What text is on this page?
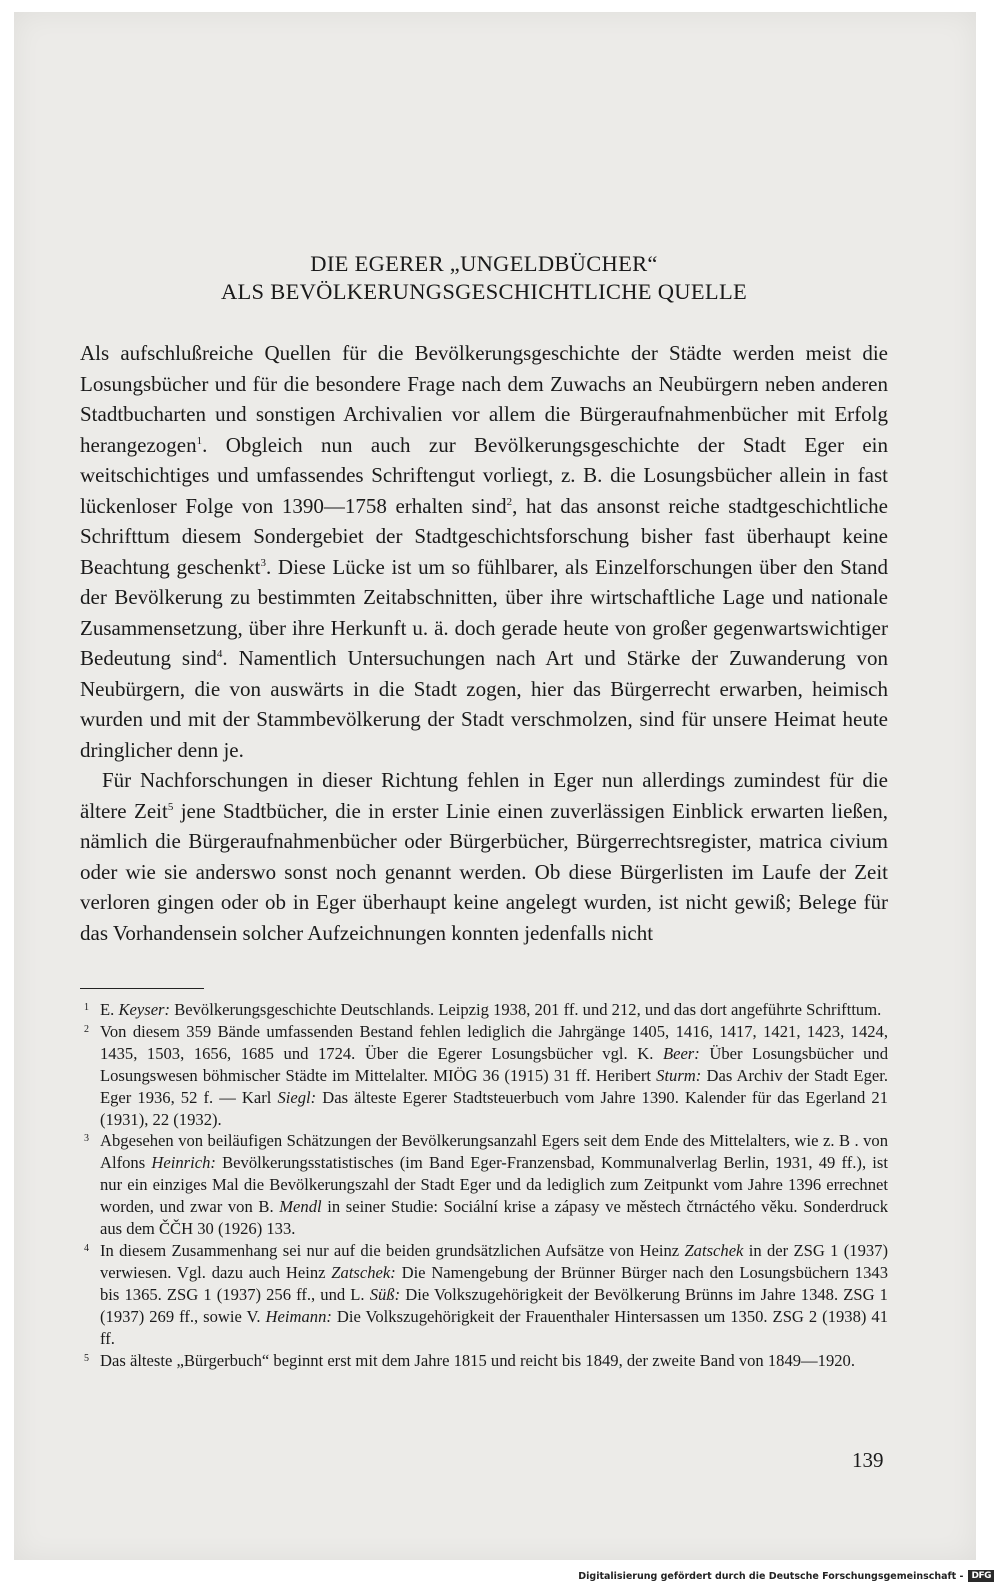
DIE EGERER „UNGELDBÜCHER“
ALS BEVÖLKERUNGSGESCHICHTLICHE QUELLE

Als aufschlußreiche Quellen für die Bevölkerungsgeschichte der Städte werden meist die Losungsbücher und für die besondere Frage nach dem Zuwachs an Neubürgern neben anderen Stadtbucharten und sonstigen Archivalien vor allem die Bürgeraufnahmenbücher mit Erfolg herangezogen$^1$. Obgleich nun auch zur Bevölkerungsgeschichte der Stadt Eger ein weitschichtiges und umfassendes Schriftengut vorliegt, z. B. die Losungsbücher allein in fast lückenloser Folge von 1390—1758 erhalten sind$^2$, hat das ansonst reiche stadtgeschichtliche Schrifttum diesem Sondergebiet der Stadtgeschichtsforschung bisher fast überhaupt keine Beachtung geschenkt$^3$. Diese Lücke ist um so fühlbarer, als Einzelforschungen über den Stand der Bevölkerung zu bestimmten Zeitabschnitten, über ihre wirtschaftliche Lage und nationale Zusammensetzung, über ihre Herkunft u. ä. doch gerade heute von großer gegenwartswichtiger Bedeutung sind$^4$. Namentlich Untersuchungen nach Art und Stärke der Zuwanderung von Neubürgern, die von auswärts in die Stadt zogen, hier das Bürgerrecht erwarben, heimisch wurden und mit der Stammbevölkerung der Stadt verschmolzen, sind für unsere Heimat heute dringlicher denn je.

Für Nachforschungen in dieser Richtung fehlen in Eger nun allerdings zumindest für die ältere Zeit$^5$ jene Stadtbücher, die in erster Linie einen zuverlässigen Einblick erwarten ließen, nämlich die Bürgeraufnahmenbücher oder Bürgerbücher, Bürgerrechtsregister, matrica civium oder wie sie anderswo sonst noch genannt werden. Ob diese Bürgerlisten im Laufe der Zeit verloren gingen oder ob in Eger überhaupt keine angelegt wurden, ist nicht gewiß; Belege für das Vorhandensein solcher Aufzeichnungen konnten jedenfalls nicht

1 E. Keyser: Bevölkerungsgeschichte Deutschlands. Leipzig 1938, 201 ff. und 212, und das dort angeführte Schrifttum.

2 Von diesem 359 Bände umfassenden Bestand fehlen lediglich die Jahrgänge 1405, 1416, 1417, 1421, 1423, 1424, 1435, 1503, 1656, 1685 und 1724. Über die Egerer Losungsbücher vgl. K. Beer: Über Losungsbücher und Losungswesen böhmischer Städte im Mittelalter. MIÖG 36 (1915) 31 ff. Heribert Sturm: Das Archiv der Stadt Eger. Eger 1936, 52 f. — Karl Siegl: Das älteste Egerer Stadtsteuerbuch vom Jahre 1390. Kalender für das Egerland 21 (1931), 22 (1932).

3 Abgesehen von beiläufigen Schätzungen der Bevölkerungsanzahl Egers seit dem Ende des Mittelalters, wie z. B . von Alfons Heinrich: Bevölkerungsstatistisches (im Band Eger-Franzensbad, Kommunalverlag Berlin, 1931, 49 ff.), ist nur ein einziges Mal die Bevölkerungszahl der Stadt Eger und da lediglich zum Zeitpunkt vom Jahre 1396 errechnet worden, und zwar von B. Mendl in seiner Studie: Sociální krise a zápasy ve městech čtrnáctého věku. Sonderdruck aus dem ČČH 30 (1926) 133.

4 In diesem Zusammenhang sei nur auf die beiden grundsätzlichen Aufsätze von Heinz Zatschek in der ZSG 1 (1937) verwiesen. Vgl. dazu auch Heinz Zatschek: Die Namengebung der Brünner Bürger nach den Losungsbüchern 1343 bis 1365. ZSG 1 (1937) 256 ff., und L. Süß: Die Volkszugehörigkeit der Bevölkerung Brünns im Jahre 1348. ZSG 1 (1937) 269 ff., sowie V. Heimann: Die Volkszugehörigkeit der Frauenthaler Hintersassen um 1350. ZSG 2 (1938) 41 ff.

5 Das älteste „Bürgerbuch“ beginnt erst mit dem Jahre 1815 und reicht bis 1849, der zweite Band von 1849—1920.

139
Digitalisierung gefördert durch die Deutsche Forschungsgemeinschaft - DFG
